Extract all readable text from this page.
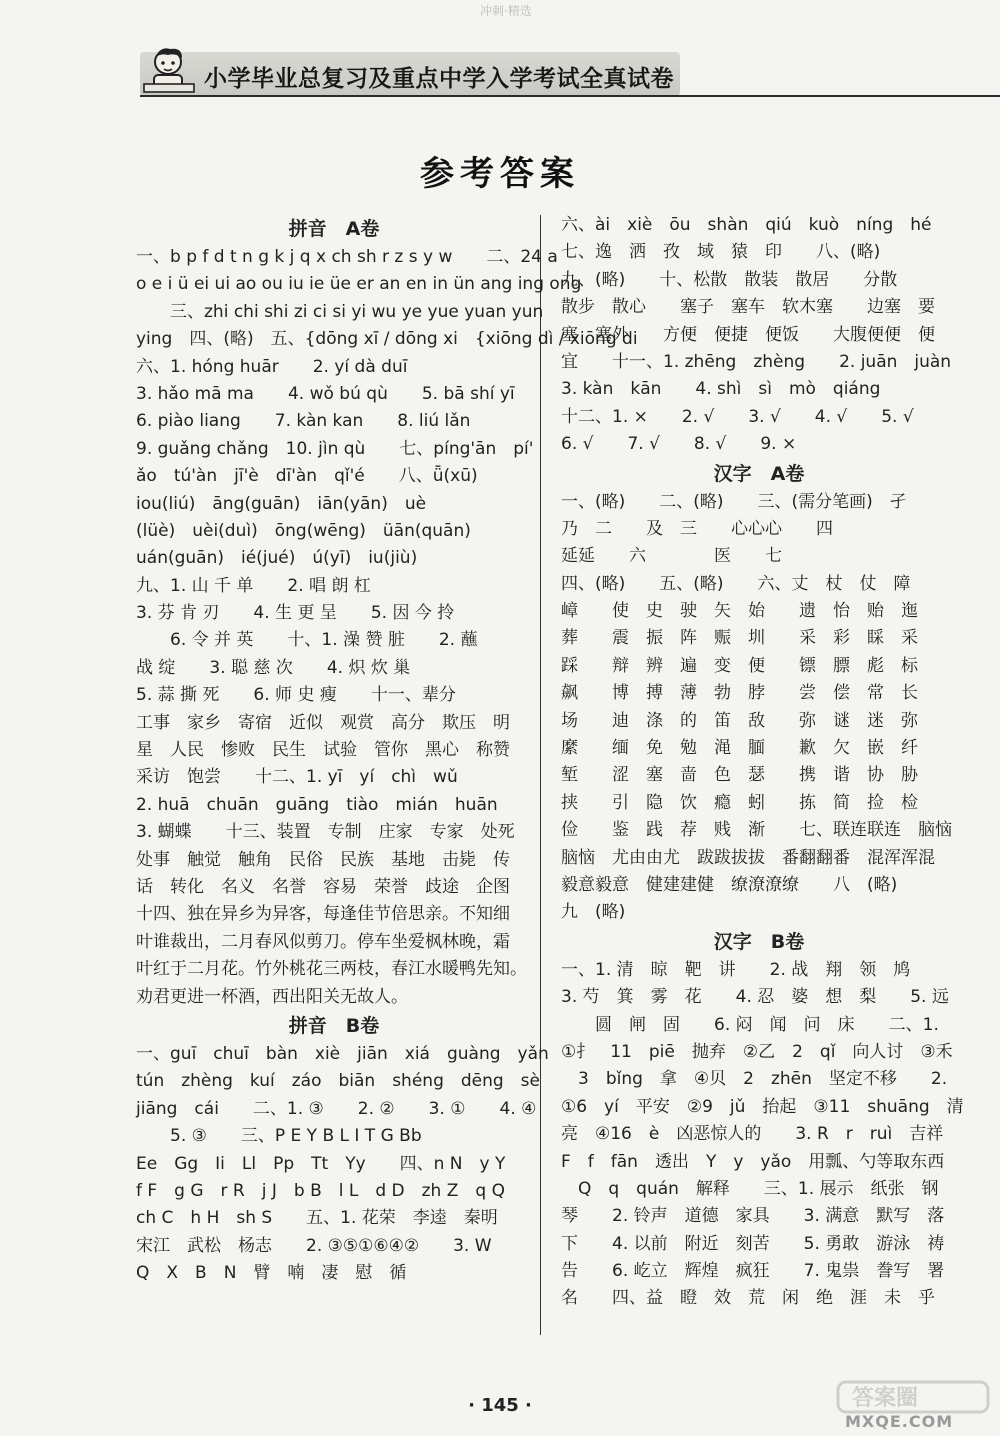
冲刺·精选
小学毕业总复习及重点中学入学考试全真试卷
参考答案
拼音　A卷
一、b p f d t n g k j q x ch sh r z s y w　　二、24 a
o e i ü ei ui ao ou iu ie üe er an en in ün ang ing ong
　　三、zhi chi shi zi ci si yi wu ye yue yuan yun
ying　四、(略)　五、{dōng xī / dōng xi　{xiōng dì / xiōng di
六、1. hóng huār　　2. yí dà duī
3. hǎo mā ma　　4. wǒ bú qù　　5. bā shí yī
6. piào liang　　7. kàn kan　　8. liú lǎn
9. guǎng chǎng　10. jìn qù　　七、píng'ān　pí'
ǎo　tú'àn　jī'è　dī'àn　qǐ'é　　八、ǖ(xū)
iou(liú)　āng(guān)　iān(yān)　uè
(lüè)　uèi(duì)　ōng(wēng)　üān(quān)
uán(guān)　ié(jué)　ú(yī)　iu(jiù)
九、1. 山 千 单　　2. 唱 朗 杠
3. 芬 肯 刃　　4. 生 更 呈　　5. 因 今 拎
　　6. 令 并 英　　十、1. 澡 赞 脏　　2. 蘸
战 绽　　3. 聪 慈 次　　4. 炽 炊 巢
5. 蒜 撕 死　　6. 师 史 瘦　　十一、辈分
工事　家乡　寄宿　近似　观赏　高分　欺压　明
星　人民　惨败　民生　试验　管你　黑心　称赞
采访　饱尝　　十二、1. yī　yí　chì　wǔ
2. huā　chuān　guāng　tiào　mián　huān
3. 蝴蝶　　十三、装置　专制　庄家　专家　处死
处事　触觉　触角　民俗　民族　基地　击毙　传
话　转化　名义　名誉　容易　荣誉　歧途　企图
十四、独在异乡为异客，每逢佳节倍思亲。不知细
叶谁裁出，二月春风似剪刀。停车坐爱枫林晚，霜
叶红于二月花。竹外桃花三两枝，春江水暖鸭先知。
劝君更进一杯酒，西出阳关无故人。
拼音　B卷
一、guī　chuī　bàn　xiè　jiān　xiá　guàng　yǎn
tún　zhèng　kuí　záo　biān　shéng　dēng　sè
jiāng　cái　　二、1. ③　　2. ②　　3. ①　　4. ④
　　5. ③　　三、P E Y B L I T G Bb
Ee　Gg　Ii　Ll　Pp　Tt　Yy　　四、n N　y Y
f F　g G　r R　j J　b B　l L　d D　zh Z　q Q
ch C　h H　sh S　　五、1. 花荣　李逵　秦明
宋江　武松　杨志　　2. ③⑤①⑥④②　　3. W
Q　X　B　N　臂　喃　凄　慰　循
六、ài　xiè　ōu　shàn　qiú　kuò　níng　hé
七、逸　洒　孜　域　猿　印　　八、(略)
九、(略)　　十、松散　散装　散居　　分散
散步　散心　　塞子　塞车　软木塞　　边塞　要
塞　塞外　　方便　便捷　便饭　　大腹便便　便
宜　　十一、1. zhēng　zhèng　　2. juān　juàn
3. kàn　kān　　4. shì　sì　mò　qiáng
十二、1. ×　　2. √　　3. √　　4. √　　5. √
6. √　　7. √　　8. √　　9. ×
汉字　A卷
一、(略)　　二、(略)　　三、(需分笔画)　孑
乃　二　　及　三　　心心心　　四
延延　　六　　　　医　　七
四、(略)　　五、(略)　　六、丈　杖　仗　障
嶂　　使　史　驶　矢　始　　遗　怡　贻　迤
葬　　震　振　阵　赈　圳　　采　彩　睬　采
踩　　辩　辨　遍　变　便　　镖　膘　彪　标
飙　　博　搏　薄　勃　脖　　尝　偿　常　长
场　　迪　涤　的　笛　敌　　弥　谜　迷　弥
縻　　缅　免　勉　渑　腼　　歉　欠　嵌　纤
堑　　涩　塞　啬　色　瑟　　携　谐　协　胁
挟　　引　隐　饮　瘾　蚓　　拣　简　捡　检
俭　　鉴　践　荐　贱　渐　　七、联连联连　脑恼
脑恼　尤由由尤　跋跋拔拔　番翻翻番　混浑浑混
毅意毅意　健建建健　缭潦潦缭　　八　(略)
九　(略)
汉字　B卷
一、1. 清　晾　靶　讲　　2. 战　翔　领　鸠
3. 芍　箕　雾　花　　4. 忍　婆　想　梨　　5. 远
　　圆　闸　固　　6. 闷　闻　问　床　　二、1.
①扌　11　piē　抛弃　②乙　2　qǐ　向人讨　③禾
　3　bǐng　拿　④贝　2　zhēn　坚定不移　　2.
①6　yí　平安　②9　jǔ　抬起　③11　shuāng　清
亮　④16　è　凶恶惊人的　　3. R　r　ruì　吉祥
F　f　fān　透出　Y　y　yǎo　用瓢、勺等取东西
　Q　q　quán　解释　　三、1. 展示　纸张　钢
琴　　2. 铃声　道德　家具　　3. 满意　默写　落
下　　4. 以前　附近　刻苦　　5. 勇敢　游泳　祷
告　　6. 屹立　辉煌　疯狂　　7. 鬼祟　誊写　署
名　　四、益　瞪　效　荒　闲　绝　涯　未　乎
· 145 ·	答案圈
MXQE.COM
